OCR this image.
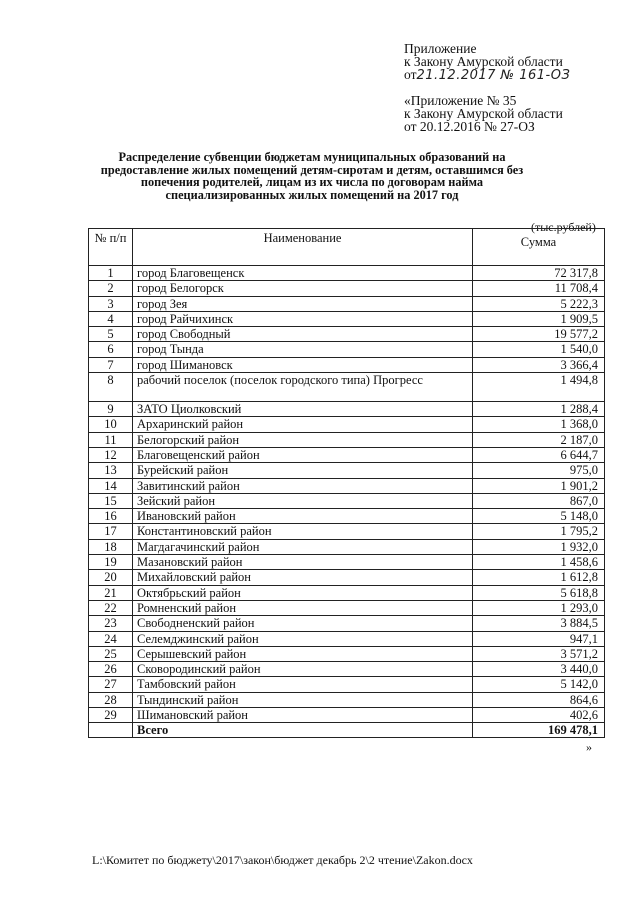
Приложение
к Закону Амурской области
от21.12.2017 № 161-ОЗ
«Приложение № 35
к Закону Амурской области
от 20.12.2016 № 27-ОЗ
Распределение субвенции бюджетам муниципальных образований на предоставление жилых помещений детям-сиротам и детям, оставшимся без попечения родителей, лицам из их числа по договорам найма специализированных жилых помещений на 2017 год
(тыс.рублей)
№ п/п	Наименование	Сумма
1	город Благовещенск	72 317,8
2	город Белогорск	11 708,4
3	город Зея	5 222,3
4	город Райчихинск	1 909,5
5	город Свободный	19 577,2
6	город Тында	1 540,0
7	город Шимановск	3 366,4
8	рабочий поселок (поселок городского типа) Прогресс	1 494,8
9	ЗАТО Циолковский	1 288,4
10	Архаринский район	1 368,0
11	Белогорский район	2 187,0
12	Благовещенский район	6 644,7
13	Бурейский район	975,0
14	Завитинский район	1 901,2
15	Зейский район	867,0
16	Ивановский район	5 148,0
17	Константиновский район	1 795,2
18	Магдагачинский район	1 932,0
19	Мазановский район	1 458,6
20	Михайловский район	1 612,8
21	Октябрьский район	5 618,8
22	Ромненский район	1 293,0
23	Свободненский район	3 884,5
24	Селемджинский район	947,1
25	Серышевский район	3 571,2
26	Сковородинский район	3 440,0
27	Тамбовский район	5 142,0
28	Тындинский район	864,6
29	Шимановский район	402,6
	Всего	169 478,1
»
L:\Комитет по бюджету\2017\закон\бюджет декабрь 2\2 чтение\Zakon.docx
